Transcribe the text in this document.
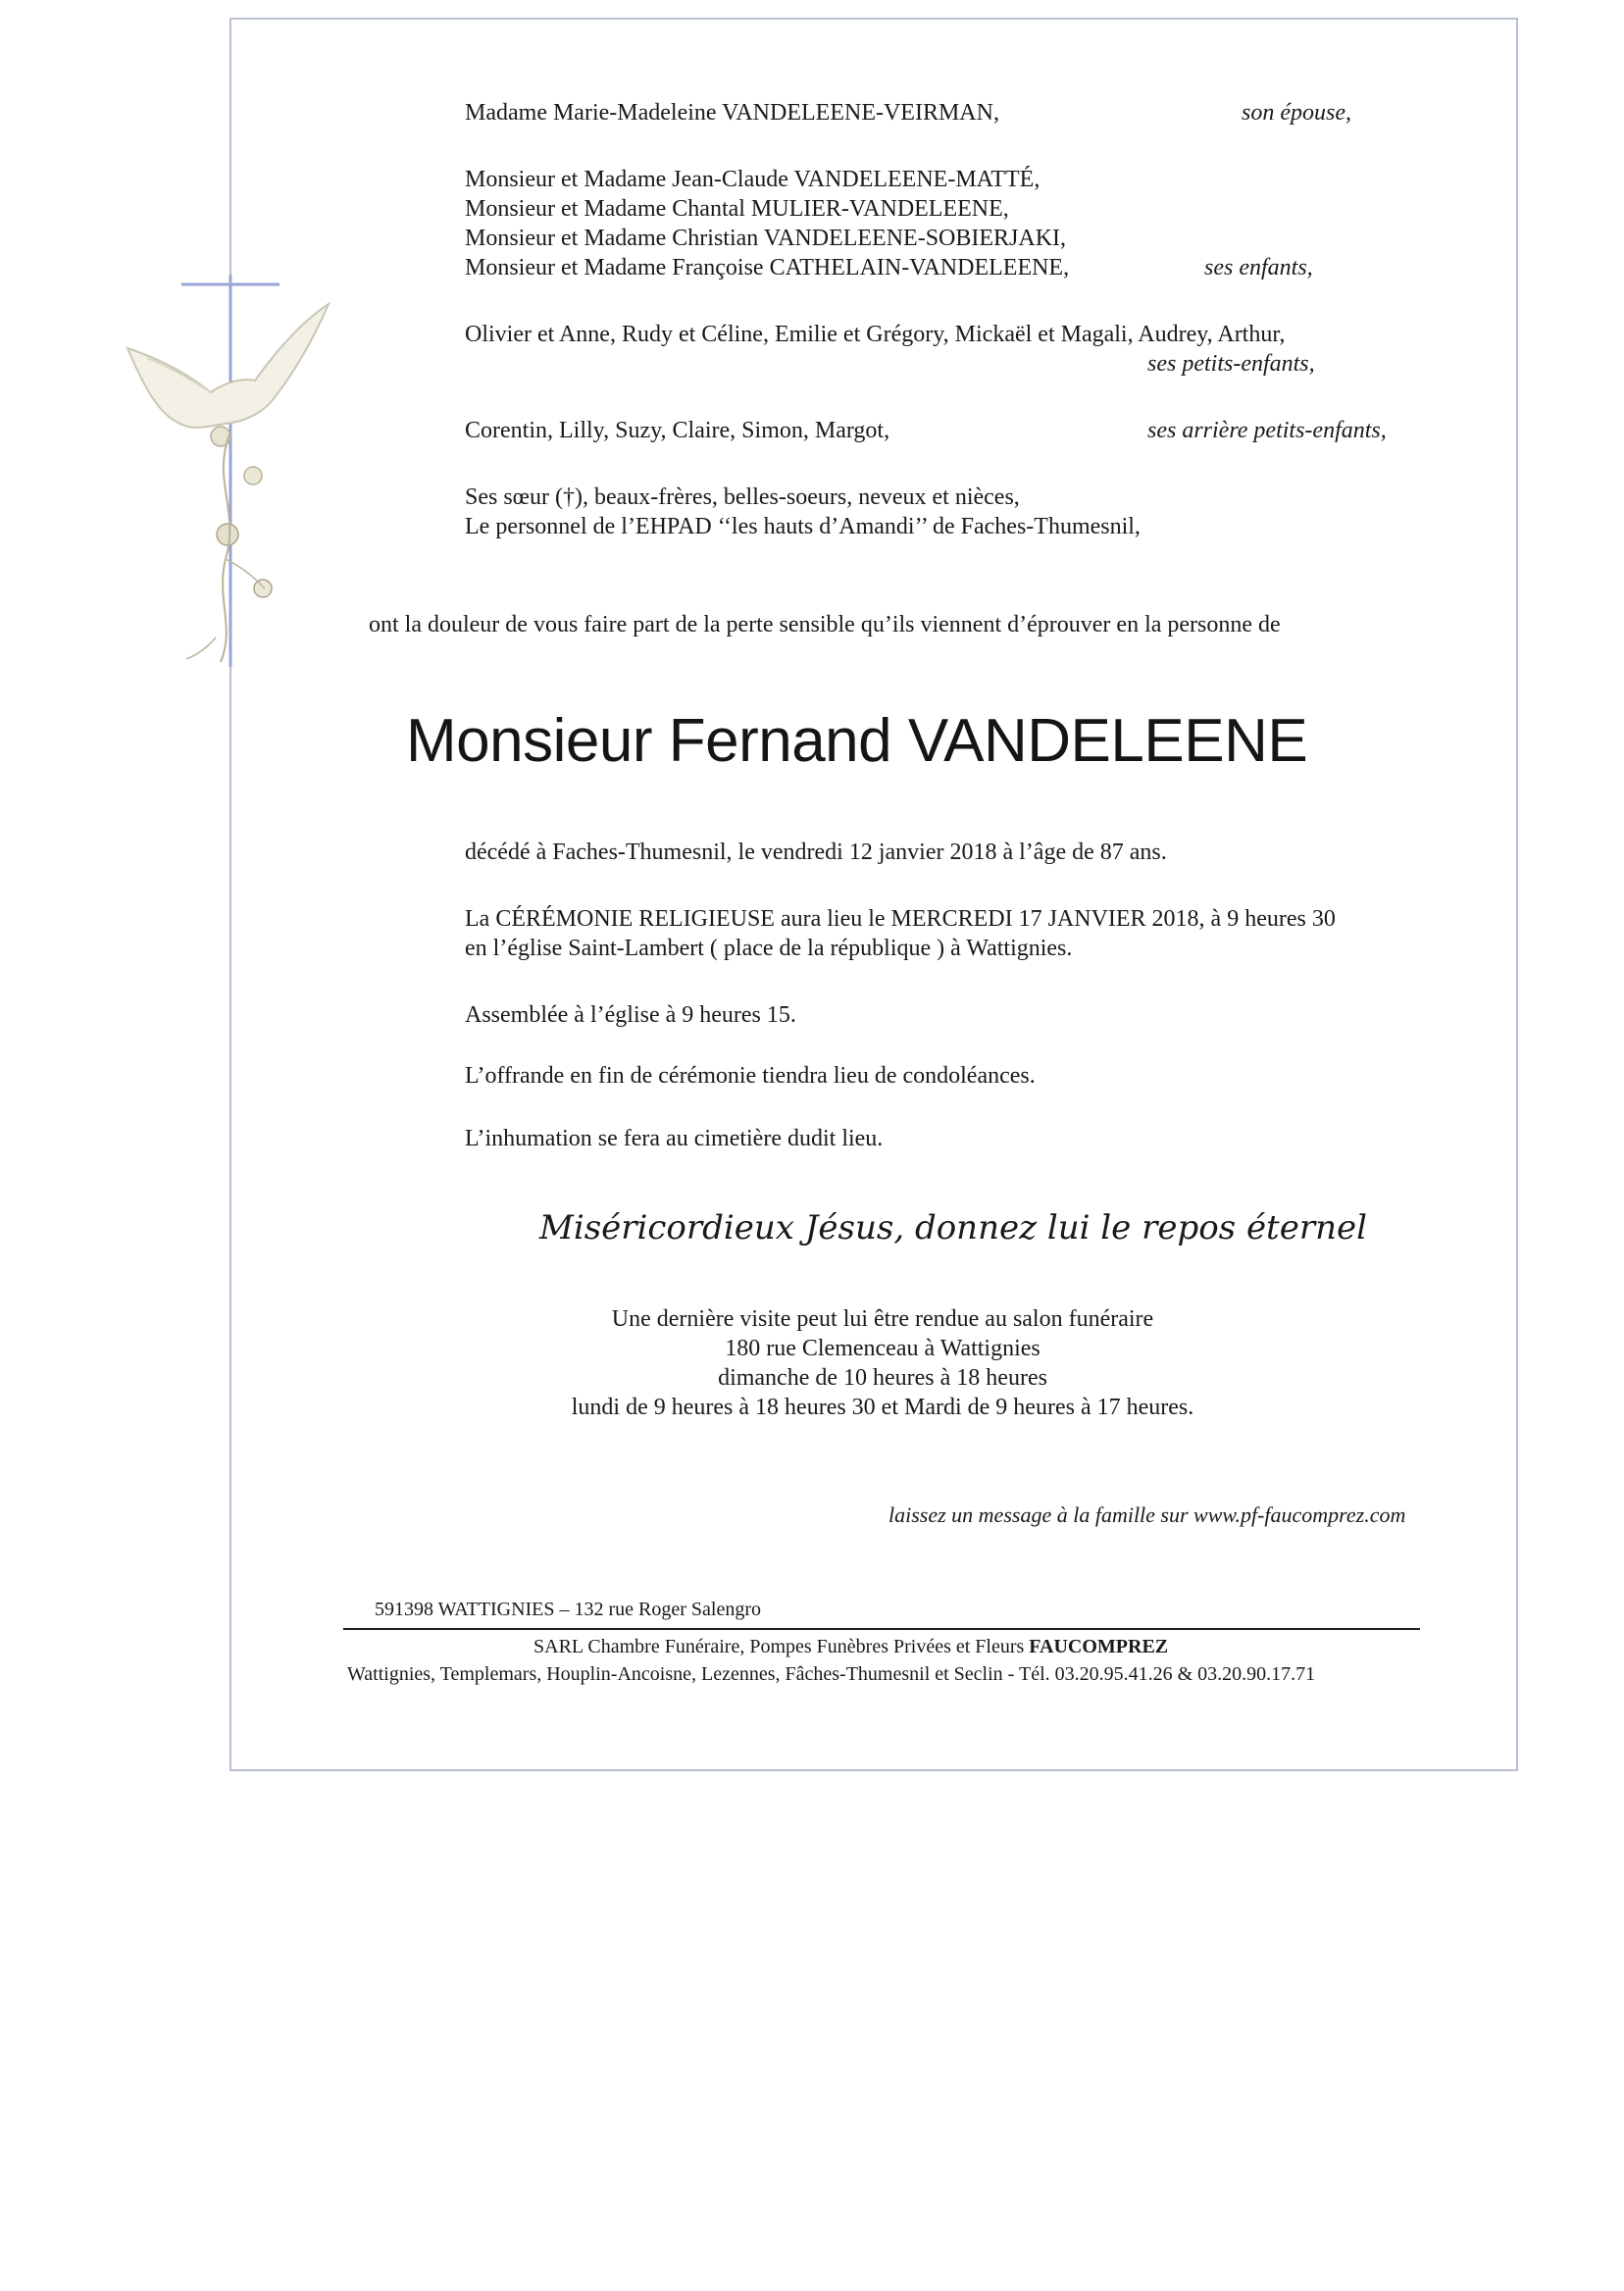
Madame Marie-Madeleine VANDELEENE-VEIRMAN,	son épouse,
Monsieur et Madame Jean-Claude VANDELEENE-MATTÉ,
Monsieur et Madame Chantal MULIER-VANDELEENE,
Monsieur et Madame Christian VANDELEENE-SOBIERJAKI,
Monsieur et Madame Françoise CATHELAIN-VANDELEENE,	ses enfants,
Olivier et Anne, Rudy et Céline, Emilie et Grégory, Mickaël et Magali, Audrey, Arthur,
ses petits-enfants,
Corentin, Lilly, Suzy, Claire, Simon, Margot,	ses arrière petits-enfants,
Ses sœur (†), beaux-frères, belles-soeurs, neveux et nièces,
Le personnel de l’EHPAD ‘‘les hauts d’Amandi’’ de Faches-Thumesnil,
ont la douleur de vous faire part de la perte sensible qu’ils viennent d’éprouver en la personne de
Monsieur Fernand VANDELEENE
décédé à Faches-Thumesnil, le vendredi 12 janvier 2018 à l’âge de 87 ans.
La CÉRÉMONIE RELIGIEUSE aura lieu le MERCREDI 17 JANVIER 2018, à 9 heures 30
en l’église Saint-Lambert ( place de la république ) à Wattignies.
Assemblée à l’église à 9 heures 15.
L’offrande en fin de cérémonie tiendra lieu de condoléances.
L’inhumation se fera au cimetière dudit lieu.
Miséricordieux Jésus, donnez lui le repos éternel
Une dernière visite peut lui être rendue au salon funéraire
180 rue Clemenceau à Wattignies
dimanche de 10 heures à 18 heures
lundi de 9 heures à 18 heures 30 et Mardi de 9 heures à 17 heures.
laissez un message à la famille sur www.pf-faucomprez.com
591398 WATTIGNIES – 132 rue Roger Salengro
SARL Chambre Funéraire, Pompes Funèbres Privées et Fleurs FAUCOMPREZ
Wattignies, Templemars, Houplin-Ancoisne, Lezennes, Fâches-Thumesnil et Seclin - Tél. 03.20.95.41.26 & 03.20.90.17.71
